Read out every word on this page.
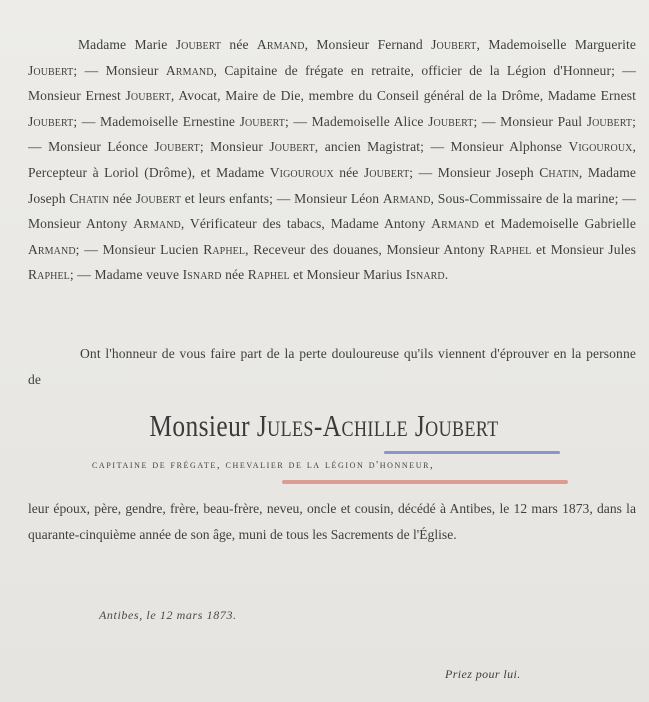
Madame Marie Joubert née Armand, Monsieur Fernand Joubert, Mademoiselle Marguerite Joubert; — Monsieur Armand, Capitaine de frégate en retraite, officier de la Légion d'Honneur; — Monsieur Ernest Joubert, Avocat, Maire de Die, membre du Conseil général de la Drôme, Madame Ernest Joubert; — Mademoiselle Ernestine Joubert; — Mademoiselle Alice Joubert; — Monsieur Paul Joubert; — Monsieur Léonce Joubert; Monsieur Joubert, ancien Magistrat; — Monsieur Alphonse Vigouroux, Percepteur à Loriol (Drôme), et Madame Vigouroux née Joubert; — Monsieur Joseph Chatin, Madame Joseph Chatin née Joubert et leurs enfants; — Monsieur Léon Armand, Sous-Commissaire de la marine; — Monsieur Antony Armand, Vérificateur des tabacs, Madame Antony Armand et Mademoiselle Gabrielle Armand; — Monsieur Lucien Raphel, Receveur des douanes, Monsieur Antony Raphel et Monsieur Jules Raphel; — Madame veuve Isnard née Raphel et Monsieur Marius Isnard.
Ont l'honneur de vous faire part de la perte douloureuse qu'ils viennent d'éprouver en la personne de
Monsieur Jules-Achille Joubert
capitaine de frégate, chevalier de la légion d'honneur,
leur époux, père, gendre, frère, beau-frère, neveu, oncle et cousin, décédé à Antibes, le 12 mars 1873, dans la quarante-cinquième année de son âge, muni de tous les Sacrements de l'Église.
Antibes, le 12 mars 1873.
Priez pour lui.
